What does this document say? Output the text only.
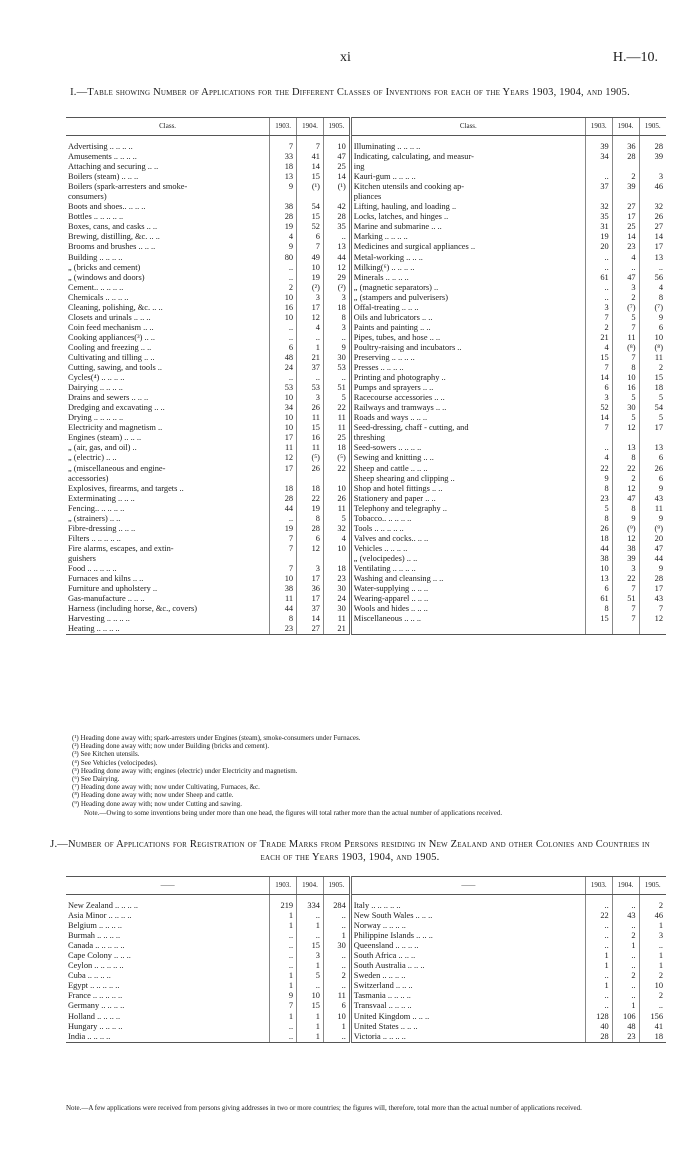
xi	H.—10.
I.—Table showing Number of Applications for the Different Classes of Inventions for each of the Years 1903, 1904, and 1905.
Class.	1903.	1904.	1905.	Class.	1903.	1904.	1905.

Advertising .. .. .. ..	7	7	10	Illuminating .. .. .. ..	39	36	28
Amusements .. .. .. ..	33	41	47	Indicating, calculating, and measur-	34	28	39
Attaching and securing .. ..	18	14	25	ing			
Boilers (steam) .. .. ..	13	15	14	Kauri-gum .. .. .. ..	..	2	3
Boilers (spark-arresters and smoke-	9	(¹)	(¹)	Kitchen utensils and cooking ap-	37	39	46
consumers)				pliances			
Boots and shoes.. .. .. ..	38	54	42	Lifting, hauling, and loading ..	32	27	32
Bottles .. .. .. .. ..	28	15	28	Locks, latches, and hinges ..	35	17	26
Boxes, cans, and casks .. ..	19	52	35	Marine and submarine .. ..	31	25	27
Brewing, distilling, &c. .. ..	4	6	..	Marking .. .. .. ..	19	14	14
Brooms and brushes .. .. ..	9	7	13	Medicines and surgical appliances ..	20	23	17
Building .. .. .. ..	80	49	44	Metal-working .. .. ..	..	4	13
„ (bricks and cement)	..	10	12	Milking(⁶) .. .. .. ..	..	..	..
„ (windows and doors)	..	19	29	Minerals .. .. .. ..	61	47	56
Cement.. .. .. .. ..	2	(²)	(²)	„ (magnetic separators) ..	..	3	4
Chemicals .. .. .. ..	10	3	3	„ (stampers and pulverisers)	..	2	8
Cleaning, polishing, &c. .. ..	16	17	18	Offal-treating .. .. ..	3	(⁷)	(⁷)
Closets and urinals .. .. ..	10	12	8	Oils and lubricators .. ..	7	5	9
Coin feed mechanism .. ..	..	4	3	Paints and painting .. ..	2	7	6
Cooking appliances(³) .. ..	..	..	..	Pipes, tubes, and hose .. ..	21	11	10
Cooling and freezing .. ..	6	1	9	Poultry-raising and incubators ..	4	(⁸)	(⁸)
Cultivating and tilling .. ..	48	21	30	Preserving .. .. .. ..	15	7	11
Cutting, sawing, and tools ..	24	37	53	Presses .. .. .. ..	7	8	2
Cycles(⁴) .. .. .. ..	..	..	..	Printing and photography ..	14	10	15
Dairying .. .. .. ..	53	53	51	Pumps and sprayers .. ..	6	16	18
Drains and sewers .. .. ..	10	3	5	Racecourse accessories .. ..	3	5	5
Dredging and excavating .. ..	34	26	22	Railways and tramways .. ..	52	30	54
Drying .. .. .. .. ..	10	11	11	Roads and ways .. .. ..	14	5	5
Electricity and magnetism ..	10	15	11	Seed-dressing, chaff - cutting, and	7	12	17
Engines (steam) .. .. ..	17	16	25	threshing			
„ (air, gas, and oil) ..	11	11	18	Seed-sowers .. .. .. ..	..	13	13
„ (electric) .. ..	12	(⁵)	(⁵)	Sewing and knitting .. ..	4	8	6
„ (miscellaneous and engine-	17	26	22	Sheep and cattle .. .. ..	22	22	26
accessories)				Sheep shearing and clipping ..	9	2	6
Explosives, firearms, and targets ..	18	18	10	Shop and hotel fittings .. ..	8	12	9
Exterminating .. .. ..	28	22	26	Stationery and paper .. ..	23	47	43
Fencing.. .. .. .. ..	44	19	11	Telephony and telegraphy ..	5	8	11
„ (strainers) .. ..	..	8	5	Tobacco.. .. .. .. ..	8	9	9
Fibre-dressing .. .. ..	19	28	32	Tools .. .. .. .. ..	26	(⁹)	(⁹)
Filters .. .. .. .. ..	7	6	4	Valves and cocks.. .. ..	18	12	20
Fire alarms, escapes, and extin-	7	12	10	Vehicles .. .. .. ..	44	38	47
guishers				„ (velocipedes) .. ..	38	39	44
Food .. .. .. .. ..	7	3	18	Ventilating .. .. .. ..	10	3	9
Furnaces and kilns .. ..	10	17	23	Washing and cleansing .. ..	13	22	28
Furniture and upholstery ..	38	36	30	Water-supplying .. .. ..	6	7	17
Gas-manufacture .. .. ..	11	17	24	Wearing-apparel .. .. ..	61	51	43
Harness (including horse, &c., covers)	44	37	30	Wools and hides .. .. ..	8	7	7
Harvesting .. .. .. ..	8	14	11	Miscellaneous .. .. ..	15	7	12
Heating .. .. .. ..	23	27	21				
(¹) Heading done away with; spark-arresters under Engines (steam), smoke-consumers under Furnaces.
(²) Heading done away with; now under Building (bricks and cement).
(³) See Kitchen utensils.
(⁴) See Vehicles (velocipedes).
(⁵) Heading done away with; engines (electric) under Electricity and magnetism.
(⁶) See Dairying.
(⁷) Heading done away with; now under Cultivating, Furnaces, &c.
(⁸) Heading done away with; now under Sheep and cattle.
(⁹) Heading done away with; now under Cutting and sawing.
Note.—Owing to some inventions being under more than one head, the figures will total rather more than the actual number of applications received.
J.—Number of Applications for Registration of Trade Marks from Persons residing in New Zealand and other Colonies and Countries in each of the Years 1903, 1904, and 1905.
——	1903.	1904.	1905.	——	1903.	1904.	1905.

New Zealand .. .. .. ..	219	334	284	Italy .. .. .. .. ..	..	..	2
Asia Minor .. .. .. ..	1	..	..	New South Wales .. .. ..	22	43	46
Belgium .. .. .. ..	1	1	..	Norway .. .. .. ..	..	..	1
Burmah .. .. .. ..	..	..	1	Philippine Islands .. .. ..	..	2	3
Canada .. .. .. .. ..	..	15	30	Queensland .. .. .. ..	..	1	..
Cape Colony .. .. ..	..	3	..	South Africa .. .. ..	1	..	1
Ceylon .. .. .. .. ..	..	1	..	South Australia .. .. ..	1	..	1
Cuba .. .. .. ..	1	5	2	Sweden .. .. .. ..	..	2	2
Egypt .. .. .. .. ..	1	..	..	Switzerland .. .. ..	1	..	10
France .. .. .. .. ..	9	10	11	Tasmania .. .. .. ..	..	..	2
Germany .. .. .. ..	7	15	6	Transvaal .. .. .. ..	..	1	..
Holland .. .. .. ..	1	1	10	United Kingdom .. .. ..	128	106	156
Hungary .. .. .. ..	..	1	1	United States .. .. ..	40	48	41
India .. .. .. ..	..	1	..	Victoria .. .. .. ..	28	23	18
Note.—A few applications were received from persons giving addresses in two or more countries; the figures will, therefore, total more than the actual number of applications received.
